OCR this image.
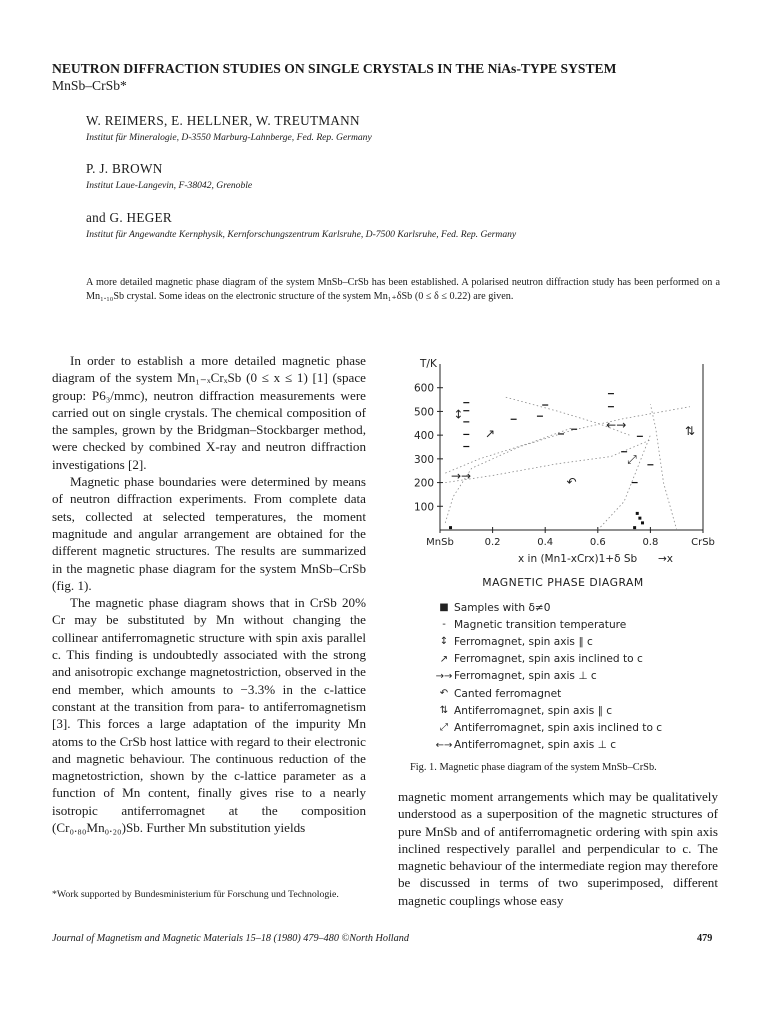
NEUTRON DIFFRACTION STUDIES ON SINGLE CRYSTALS IN THE NiAs-TYPE SYSTEM
MnSb–CrSb*
W. REIMERS, E. HELLNER, W. TREUTMANN
Institut für Mineralogie, D-3550 Marburg-Lahnberge, Fed. Rep. Germany
P. J. BROWN
Institut Laue-Langevin, F-38042, Grenoble
and G. HEGER
Institut für Angewandte Kernphysik, Kernforschungszentrum Karlsruhe, D-7500 Karlsruhe, Fed. Rep. Germany
A more detailed magnetic phase diagram of the system MnSb–CrSb has been established. A polarised neutron diffraction study has been performed on a Mn₁.₁₀Sb crystal. Some ideas on the electronic structure of the system Mn₁₊δSb (0 ≤ δ ≤ 0.22) are given.

In order to establish a more detailed magnetic phase diagram of the system Mn₁₋ₓCrₓSb (0 ≤ x ≤ 1) [1] (space group: P6₃/mmc), neutron diffraction measurements were carried out on single crystals. The chemical composition of the samples, grown by the Bridgman–Stockbarger method, were checked by combined X-ray and neutron diffraction investigations [2].

Magnetic phase boundaries were determined by means of neutron diffraction experiments. From complete data sets, collected at selected temperatures, the moment magnitude and angular arrangement are obtained for the different magnetic structures. The results are summarized in the magnetic phase diagram for the system MnSb–CrSb (fig. 1).

The magnetic phase diagram shows that in CrSb 20% Cr may be substituted by Mn without changing the collinear antiferromagnetic structure with spin axis parallel c. This finding is undoubtedly associated with the strong and anisotropic exchange magnetostriction, observed in the end member, which amounts to −3.3% in the c-lattice constant at the transition from para- to antiferromagnetism [3]. This forces a large adaptation of the impurity Mn atoms to the CrSb host lattice with regard to their electronic and magnetic behaviour. The continuous reduction of the magnetostriction, shown by the c-lattice parameter as a function of Mn content, finally gives rise to a nearly isotropic antiferromagnet at the composition (Cr₀.₈₀Mn₀.₂₀)Sb. Further Mn substitution yields

*Work supported by Bundesministerium für Forschung und Technologie.
100
200
300
400
500
600
MnSb	0.2	0.4	0.6	0.8	CrSb
T/K
x in (Mn1-xCrx)1+δ Sb →x
↕
↗
→→	↶
⇅
⤢
←→
MAGNETIC PHASE DIAGRAM
■ Samples with δ≠0
- Magnetic transition temperature
↕ Ferromagnet, spin axis ∥ c
↗ Ferromagnet, spin axis inclined to c
→→ Ferromagnet, spin axis ⊥ c
↶ Canted ferromagnet
⇅ Antiferromagnet, spin axis ∥ c
⤢ Antiferromagnet, spin axis inclined to c
←→ Antiferromagnet, spin axis ⊥ c
Fig. 1. Magnetic phase diagram of the system MnSb–CrSb.

magnetic moment arrangements which may be qualitatively understood as a superposition of the magnetic structures of pure MnSb and of antiferromagnetic ordering with spin axis inclined respectively parallel and perpendicular to c. The magnetic behaviour of the intermediate region may therefore be discussed in terms of two superimposed, different magnetic couplings whose easy

Journal of Magnetism and Magnetic Materials 15–18 (1980) 479–480 ©North Holland	479
